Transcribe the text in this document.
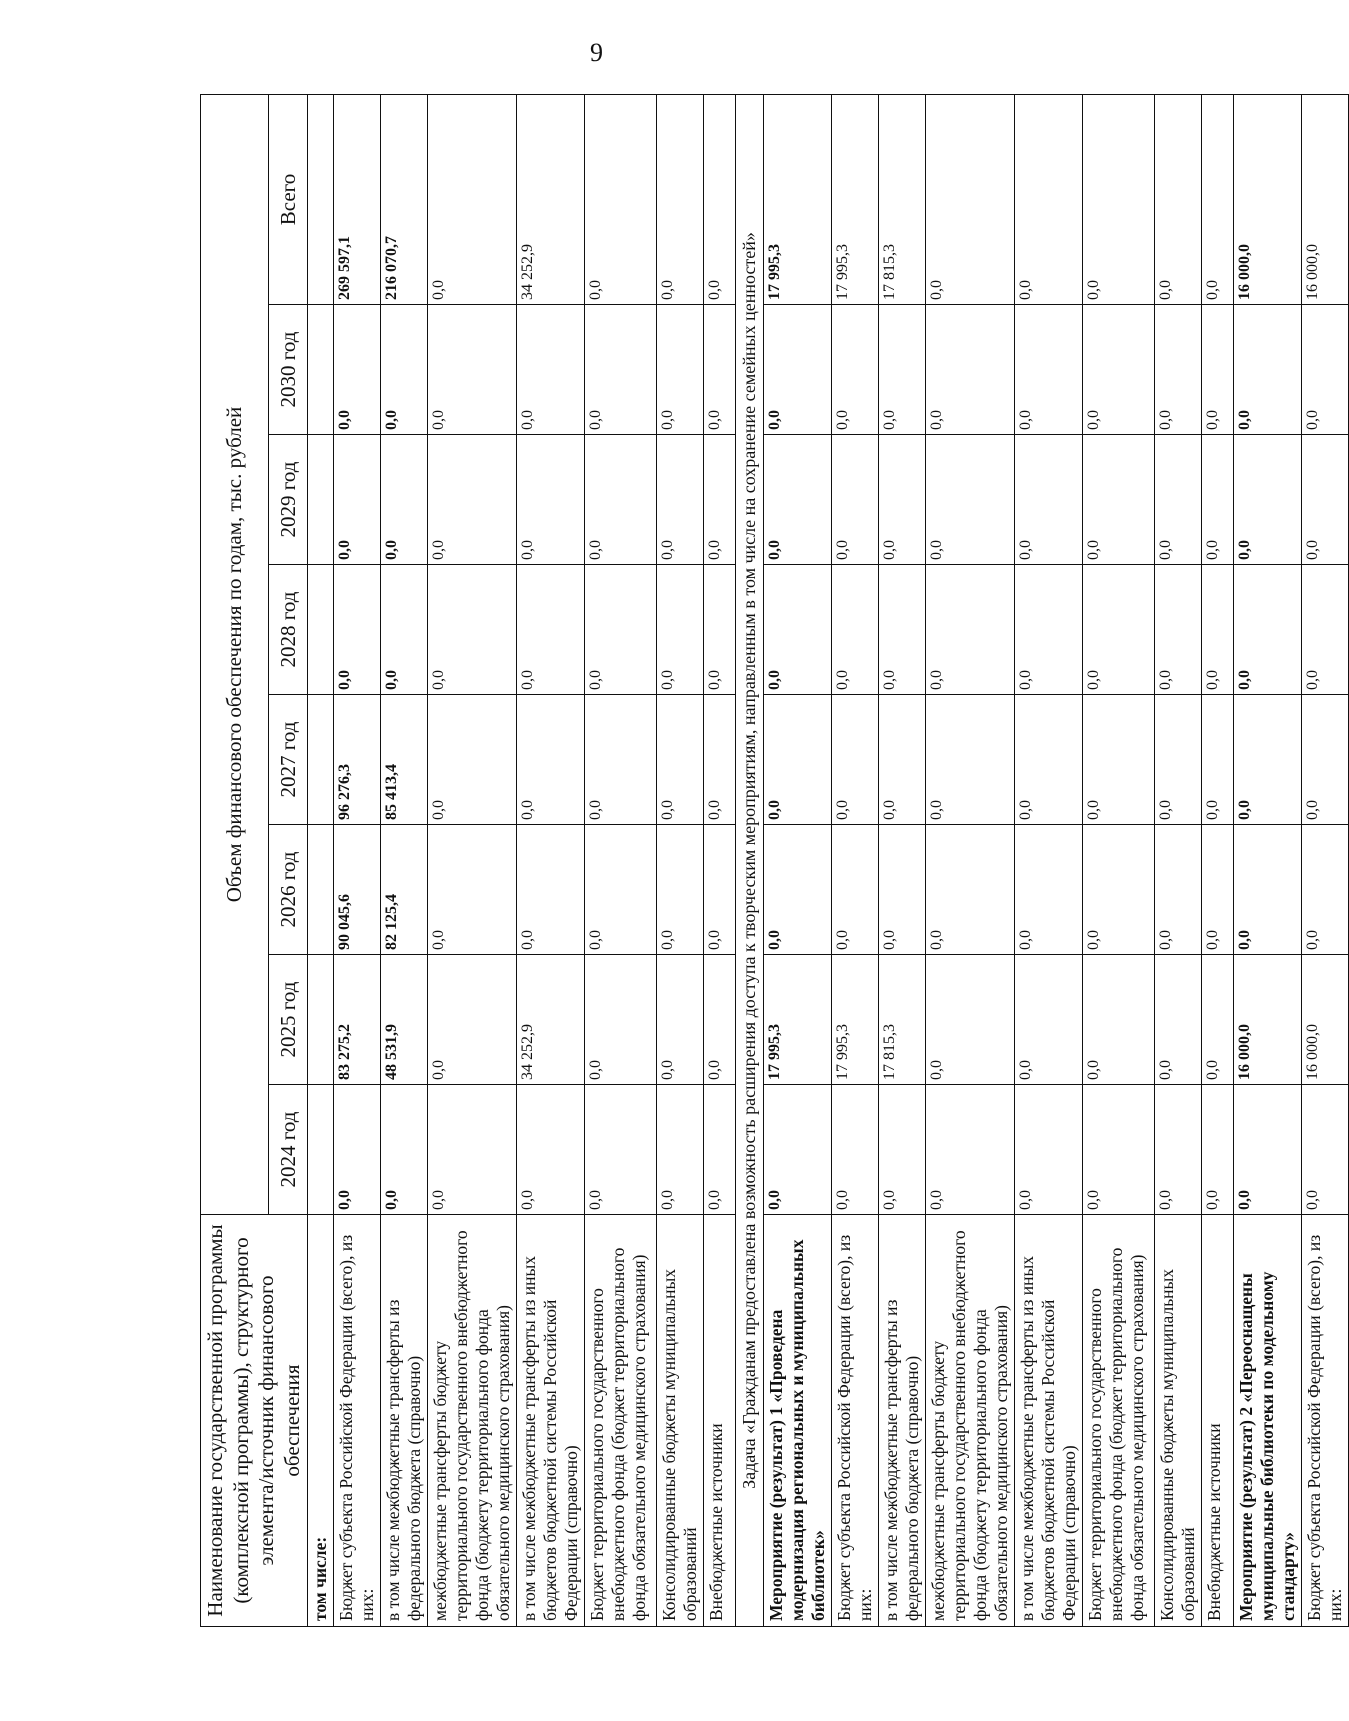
9
Наименование государственной программы (комплексной программы), структурного элемента/источник финансового обеспечения	Объем финансового обеспечения по годам, тыс. рублей							
	2024 год	2025 год	2026 год	2027 год	2028 год	2029 год	2030 год	Всего
том числе:								
Бюджет субъекта Российской Федерации (всего), из них:	0,0	83 275,2	90 045,6	96 276,3	0,0	0,0	0,0	269 597,1
в том числе межбюджетные трансферты из федерального бюджета (справочно)	0,0	48 531,9	82 125,4	85 413,4	0,0	0,0	0,0	216 070,7
межбюджетные трансферты бюджету территориального государственного внебюджетного фонда (бюджету территориального фонда обязательного медицинского страхования)	0,0	0,0	0,0	0,0	0,0	0,0	0,0	0,0
в том числе межбюджетные трансферты из иных бюджетов бюджетной системы Российской Федерации (справочно)	0,0	34 252,9	0,0	0,0	0,0	0,0	0,0	34 252,9
Бюджет территориального государственного внебюджетного фонда (бюджет территориального фонда обязательного медицинского страхования)	0,0	0,0	0,0	0,0	0,0	0,0	0,0	0,0
Консолидированные бюджеты муниципальных образований	0,0	0,0	0,0	0,0	0,0	0,0	0,0	0,0
Внебюджетные источники	0,0	0,0	0,0	0,0	0,0	0,0	0,0	0,0
Задача «Гражданам предоставлена возможность расширения доступа к творческим мероприятиям, направленным в том числе на сохранение семейных ценностей»								
Мероприятие (результат) 1 «Проведена модернизация региональных и муниципальных библиотек»	0,0	17 995,3	0,0	0,0	0,0	0,0	0,0	17 995,3
Бюджет субъекта Российской Федерации (всего), из них:	0,0	17 995,3	0,0	0,0	0,0	0,0	0,0	17 995,3
в том числе межбюджетные трансферты из федерального бюджета (справочно)	0,0	17 815,3	0,0	0,0	0,0	0,0	0,0	17 815,3
межбюджетные трансферты бюджету территориального государственного внебюджетного фонда (бюджету территориального фонда обязательного медицинского страхования)	0,0	0,0	0,0	0,0	0,0	0,0	0,0	0,0
в том числе межбюджетные трансферты из иных бюджетов бюджетной системы Российской Федерации (справочно)	0,0	0,0	0,0	0,0	0,0	0,0	0,0	0,0
Бюджет территориального государственного внебюджетного фонда (бюджет территориального фонда обязательного медицинского страхования)	0,0	0,0	0,0	0,0	0,0	0,0	0,0	0,0
Консолидированные бюджеты муниципальных образований	0,0	0,0	0,0	0,0	0,0	0,0	0,0	0,0
Внебюджетные источники	0,0	0,0	0,0	0,0	0,0	0,0	0,0	0,0
Мероприятие (результат) 2 «Переоснащены муниципальные библиотеки по модельному стандарту»	0,0	16 000,0	0,0	0,0	0,0	0,0	0,0	16 000,0
Бюджет субъекта Российской Федерации (всего), из них:	0,0	16 000,0	0,0	0,0	0,0	0,0	0,0	16 000,0
